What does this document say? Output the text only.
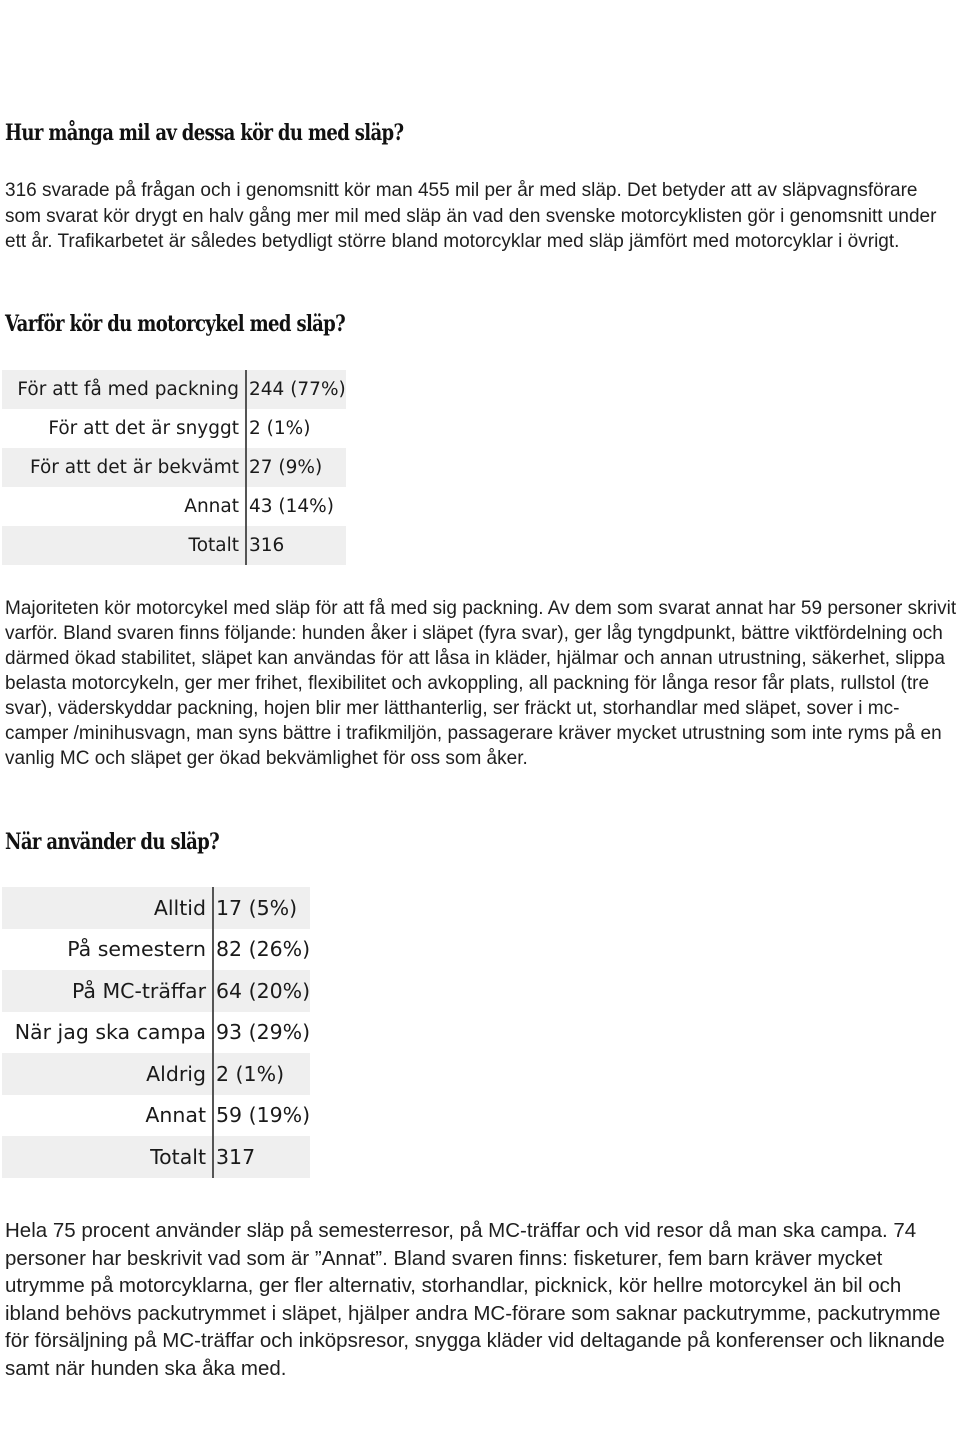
Hur många mil av dessa kör du med släp?

316 svarade på frågan och i genomsnitt kör man 455 mil per år med släp. Det betyder att av släpvagnsförare som svarat kör drygt en halv gång mer mil med släp än vad den svenske motorcyklisten gör i genomsnitt under ett år. Trafikarbetet är således betydligt större bland motorcyklar med släp jämfört med motorcyklar i övrigt.

Varför kör du motorcykel med släp?
För att få med packning	244 (77%)
För att det är snyggt	2 (1%)
För att det är bekvämt	27 (9%)
Annat	43 (14%)
Totalt	316

Majoriteten kör motorcykel med släp för att få med sig packning. Av dem som svarat annat har 59 personer skrivit varför. Bland svaren finns följande: hunden åker i släpet (fyra svar), ger låg tyngdpunkt, bättre viktfördelning och därmed ökad stabilitet, släpet kan användas för att låsa in kläder, hjälmar och annan utrustning, säkerhet, slippa belasta motorcykeln, ger mer frihet, flexibilitet och avkoppling, all packning för långa resor får plats, rullstol (tre svar), väderskyddar packning, hojen blir mer lätthanterlig, ser fräckt ut, storhandlar med släpet, sover i mc-camper /minihusvagn, man syns bättre i trafikmiljön, passagerare kräver mycket utrustning som inte ryms på en vanlig MC och släpet ger ökad bekvämlighet för oss som åker.

När använder du släp?
Alltid	17 (5%)
På semestern	82 (26%)
På MC-träffar	64 (20%)
När jag ska campa	93 (29%)
Aldrig	2 (1%)
Annat	59 (19%)
Totalt	317

Hela 75 procent använder släp på semesterresor, på MC-träffar och vid resor då man ska campa. 74 personer har beskrivit vad som är ”Annat”. Bland svaren finns: fisketurer, fem barn kräver mycket utrymme på motorcyklarna, ger fler alternativ, storhandlar, picknick, kör hellre motorcykel än bil och ibland behövs packutrymmet i släpet, hjälper andra MC-förare som saknar packutrymme, packutrymme för försäljning på MC-träffar och inköpsresor, snygga kläder vid deltagande på konferenser och liknande samt när hunden ska åka med.
